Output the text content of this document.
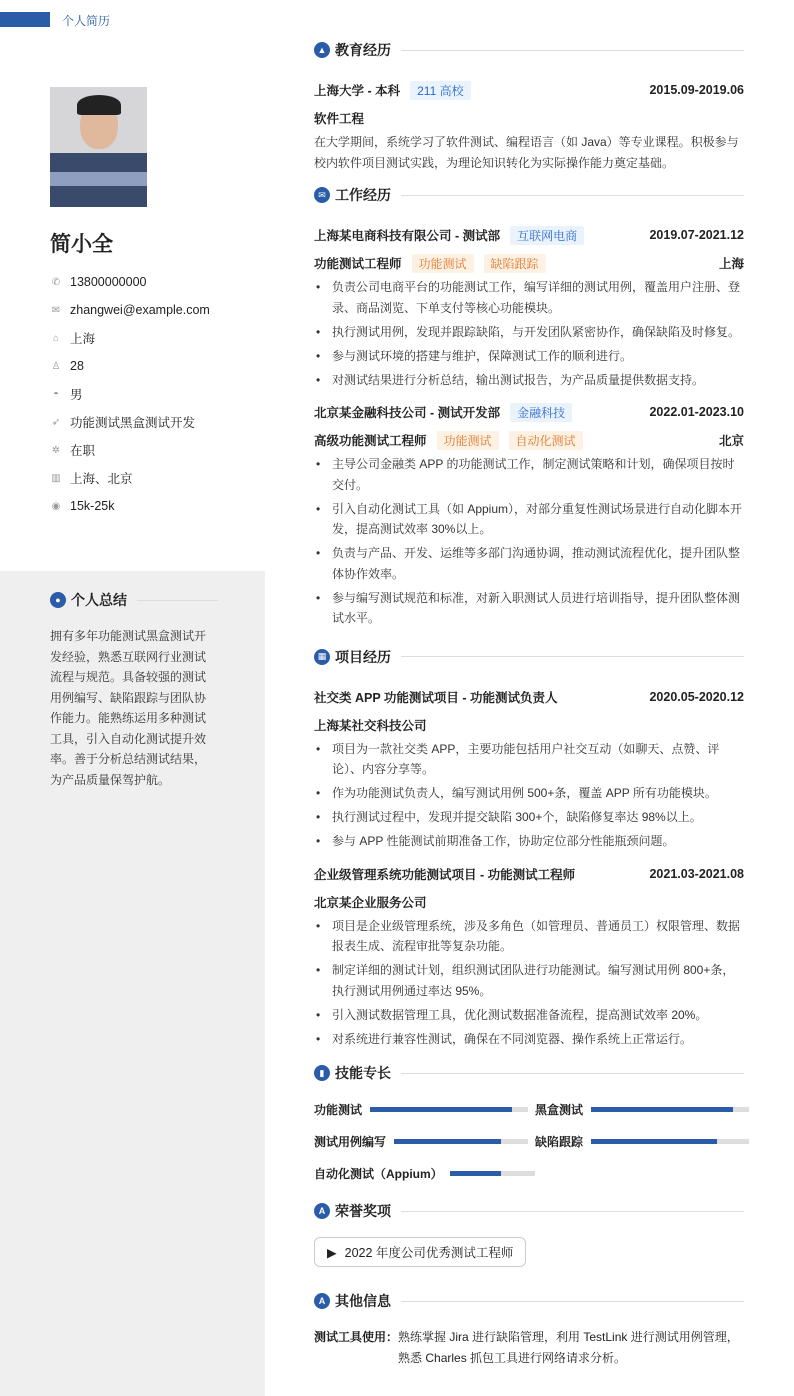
个人简历
简小全
✆ 13800000000
✉ zhangwei@example.com
⌂ 上海
♙ 28
◓ 男
➶ 功能测试黑盒测试开发
✲ 在职
▥ 上海、北京
◉ 15k-25k
● 个人总结
拥有多年功能测试黑盒测试开发经验，熟悉互联网行业测试流程与规范。具备较强的测试用例编写、缺陷跟踪与团队协作能力。能熟练运用多种测试工具，引入自动化测试提升效率。善于分析总结测试结果，为产品质量保驾护航。
▲ 教育经历
上海大学 - 本科	211 高校	2015.09-2019.06
软件工程
在大学期间，系统学习了软件测试、编程语言（如 Java）等专业课程。积极参与校内软件项目测试实践，为理论知识转化为实际操作能力奠定基础。
✉ 工作经历
上海某电商科技有限公司 - 测试部	互联网电商	2019.07-2021.12
功能测试工程师	功能测试	缺陷跟踪	上海
• 负责公司电商平台的功能测试工作，编写详细的测试用例，覆盖用户注册、登录、商品浏览、下单支付等核心功能模块。
• 执行测试用例，发现并跟踪缺陷，与开发团队紧密协作，确保缺陷及时修复。
• 参与测试环境的搭建与维护，保障测试工作的顺利进行。
• 对测试结果进行分析总结，输出测试报告，为产品质量提供数据支持。
北京某金融科技公司 - 测试开发部	金融科技	2022.01-2023.10
高级功能测试工程师	功能测试	自动化测试	北京
• 主导公司金融类 APP 的功能测试工作，制定测试策略和计划，确保项目按时交付。
• 引入自动化测试工具（如 Appium），对部分重复性测试场景进行自动化脚本开发，提高测试效率 30%以上。
• 负责与产品、开发、运维等多部门沟通协调，推动测试流程优化，提升团队整体协作效率。
• 参与编写测试规范和标准，对新入职测试人员进行培训指导，提升团队整体测试水平。
▦ 项目经历
社交类 APP 功能测试项目 - 功能测试负责人	2020.05-2020.12
上海某社交科技公司
• 项目为一款社交类 APP，主要功能包括用户社交互动（如聊天、点赞、评论）、内容分享等。
• 作为功能测试负责人，编写测试用例 500+条，覆盖 APP 所有功能模块。
• 执行测试过程中，发现并提交缺陷 300+个，缺陷修复率达 98%以上。
• 参与 APP 性能测试前期准备工作，协助定位部分性能瓶颈问题。
企业级管理系统功能测试项目 - 功能测试工程师	2021.03-2021.08
北京某企业服务公司
• 项目是企业级管理系统，涉及多角色（如管理员、普通员工）权限管理、数据报表生成、流程审批等复杂功能。
• 制定详细的测试计划，组织测试团队进行功能测试。编写测试用例 800+条，执行测试用例通过率达 95%。
• 引入测试数据管理工具，优化测试数据准备流程，提高测试效率 20%。
• 对系统进行兼容性测试，确保在不同浏览器、操作系统上正常运行。
▮ 技能专长
功能测试	黑盒测试
测试用例编写	缺陷跟踪
自动化测试（Appium）
A 荣誉奖项
▶ 2022 年度公司优秀测试工程师
A 其他信息
测试工具使用： 熟练掌握 Jira 进行缺陷管理，利用 TestLink 进行测试用例管理，熟悉 Charles 抓包工具进行网络请求分析。
